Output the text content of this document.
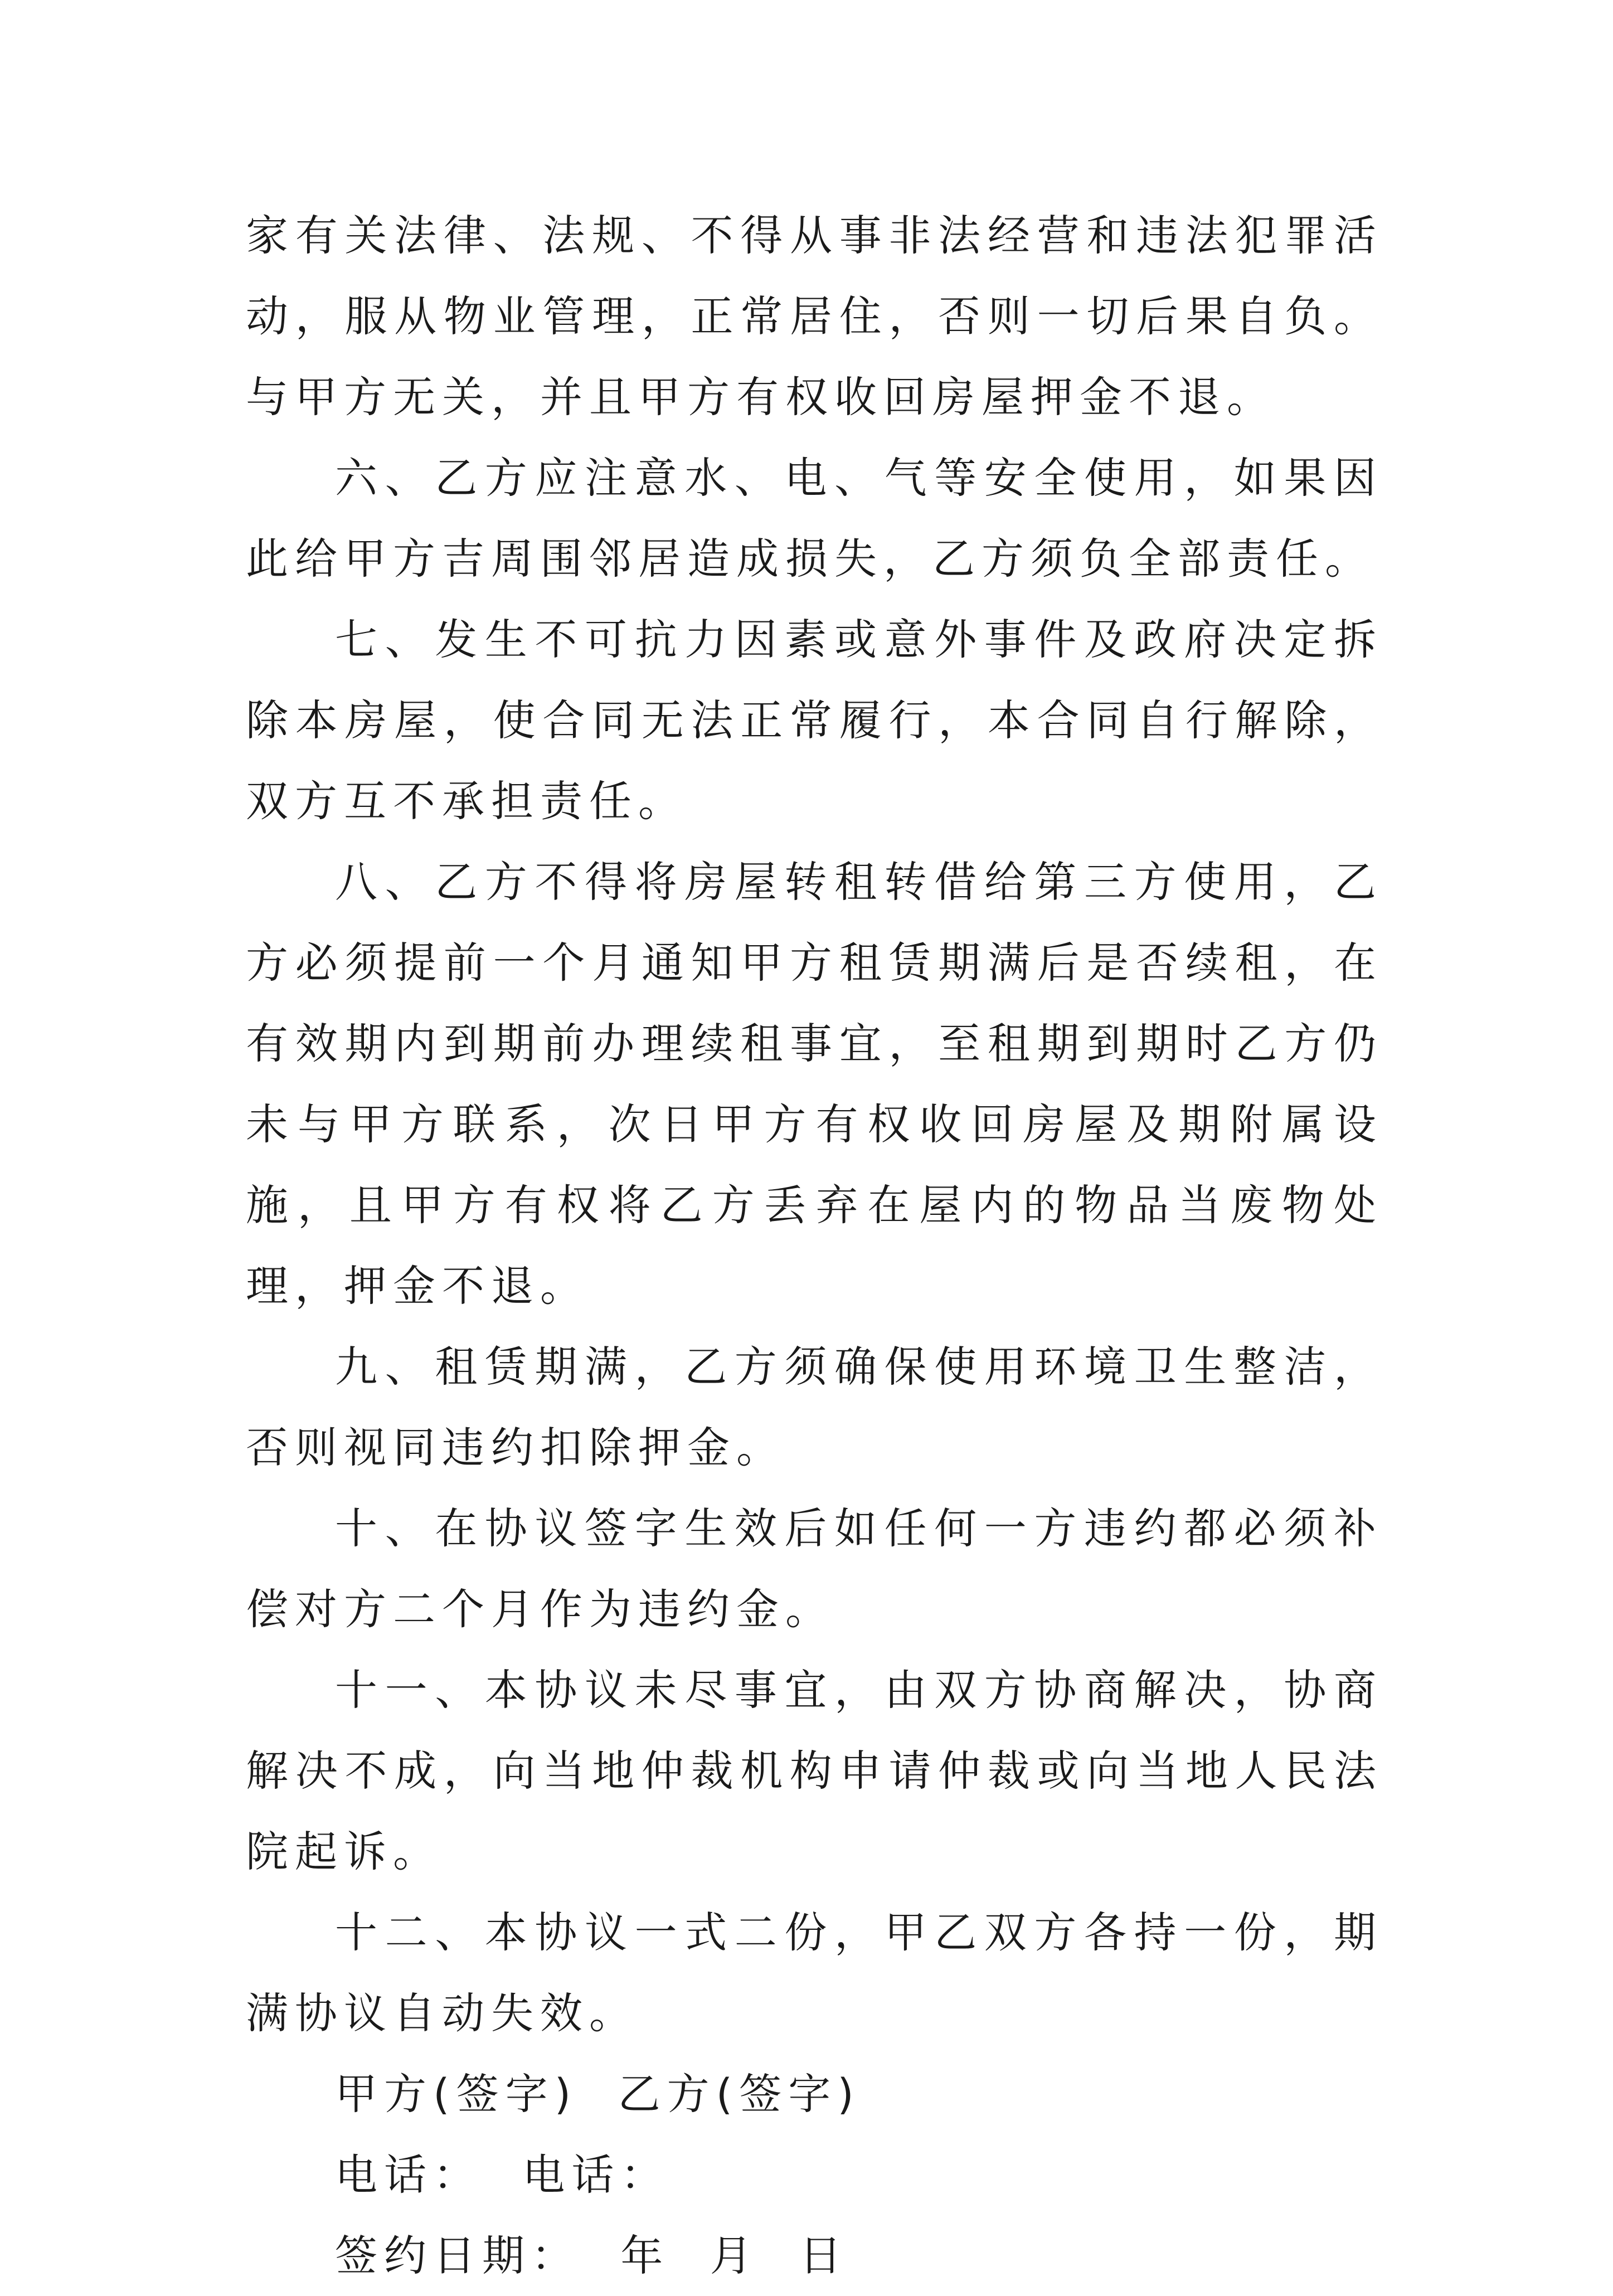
家有关法律、法规、不得从事非法经营和违法犯罪活动，服从物业管理，正常居住，否则一切后果自负。与甲方无关，并且甲方有权收回房屋押金不退。

六、乙方应注意水、电、气等安全使用，如果因此给甲方吉周围邻居造成损失，乙方须负全部责任。

七、发生不可抗力因素或意外事件及政府决定拆除本房屋，使合同无法正常履行，本合同自行解除，双方互不承担责任。

八、乙方不得将房屋转租转借给第三方使用，乙方必须提前一个月通知甲方租赁期满后是否续租，在有效期内到期前办理续租事宜，至租期到期时乙方仍未与甲方联系，次日甲方有权收回房屋及期附属设施，且甲方有权将乙方丢弃在屋内的物品当废物处理，押金不退。

九、租赁期满，乙方须确保使用环境卫生整洁，否则视同违约扣除押金。

十、在协议签字生效后如任何一方违约都必须补偿对方二个月作为违约金。

十一、本协议未尽事宜，由双方协商解决，协商解决不成，向当地仲裁机构申请仲裁或向当地人民法院起诉。

十二、本协议一式二份，甲乙双方各持一份，期满协议自动失效。

甲方(签字)  乙方(签字)

电话：  电话：

签约日期：  年  月  日
